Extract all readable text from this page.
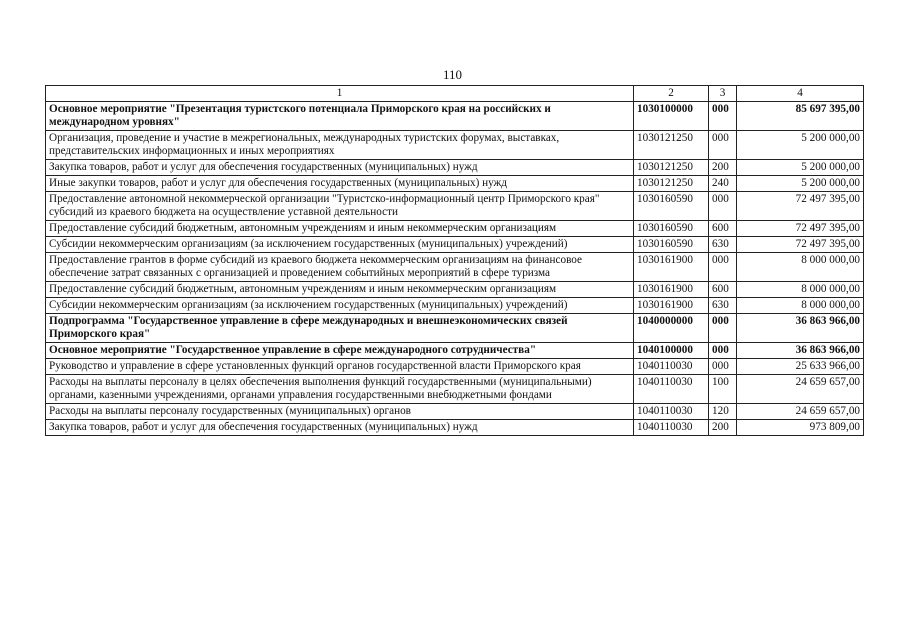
110
1	2	3	4
Основное мероприятие "Презентация туристского потенциала Приморского края на российских и международном уровнях"	1030100000	000	85 697 395,00
Организация, проведение и участие в межрегиональных, международных туристских форумах, выставках, представительских информационных и иных мероприятиях	1030121250	000	5 200 000,00
Закупка товаров, работ и услуг для обеспечения государственных (муниципальных) нужд	1030121250	200	5 200 000,00
Иные закупки товаров, работ и услуг для обеспечения государственных (муниципальных) нужд	1030121250	240	5 200 000,00
Предоставление автономной некоммерческой организации "Туристско-информационный центр Приморского края" субсидий из краевого бюджета на осуществление уставной деятельности	1030160590	000	72 497 395,00
Предоставление субсидий бюджетным, автономным учреждениям и иным некоммерческим организациям	1030160590	600	72 497 395,00
Субсидии некоммерческим организациям (за исключением государственных (муниципальных) учреждений)	1030160590	630	72 497 395,00
Предоставление грантов в форме субсидий из краевого бюджета некоммерческим организациям на финансовое обеспечение затрат связанных с организацией и проведением событийных мероприятий в сфере туризма	1030161900	000	8 000 000,00
Предоставление субсидий бюджетным, автономным учреждениям и иным некоммерческим организациям	1030161900	600	8 000 000,00
Субсидии некоммерческим организациям (за исключением государственных (муниципальных) учреждений)	1030161900	630	8 000 000,00
Подпрограмма "Государственное управление в сфере международных и внешнеэкономических связей Приморского края"	1040000000	000	36 863 966,00
Основное мероприятие "Государственное управление в сфере международного сотрудничества"	1040100000	000	36 863 966,00
Руководство и управление в сфере установленных функций органов государственной власти Приморского края	1040110030	000	25 633 966,00
Расходы на выплаты персоналу в целях обеспечения выполнения функций государственными (муниципальными) органами, казенными учреждениями, органами управления государственными внебюджетными фондами	1040110030	100	24 659 657,00
Расходы на выплаты персоналу государственных (муниципальных) органов	1040110030	120	24 659 657,00
Закупка товаров, работ и услуг для обеспечения государственных (муниципальных) нужд	1040110030	200	973 809,00
